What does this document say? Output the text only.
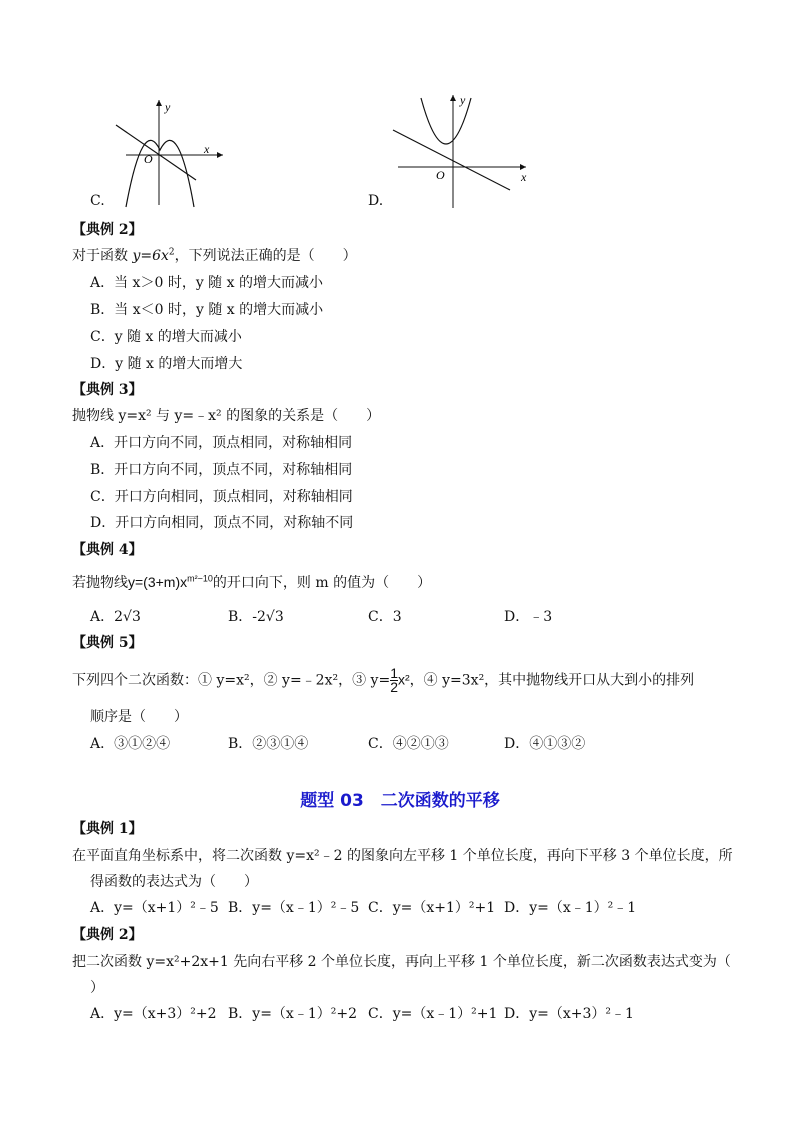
x
y
O
C.
x
y
O
D.
【典例 2】
对于函数 $y=6x^2$，下列说法正确的是（　　）
A．当 x＞0 时，y 随 x 的增大而减小
B．当 x＜0 时，y 随 x 的增大而减小
C．y 随 x 的增大而减小
D．y 随 x 的增大而增大
【典例 3】
抛物线 y=x² 与 y=﹣x² 的图象的关系是（　　）
A．开口方向不同，顶点相同，对称轴相同
B．开口方向不同，顶点不同，对称轴相同
C．开口方向相同，顶点相同，对称轴相同
D．开口方向相同，顶点不同，对称轴不同
【典例 4】
若抛物线$y=(3+m)x^{m^2-10}$的开口向下，则 m 的值为（　　）
A．2√3	B．-2√3	C．3	D．﹣3
【典例 5】
下列四个二次函数：① y=x²，② y=﹣2x²，③ $y= \frac{1}{2} x^2$，④ y=3x²，其中抛物线开口从大到小的排列
顺序是（　　）
A．③①②④	B．②③①④	C．④②①③	D．④①③②
题型 03　二次函数的平移
【典例 1】
在平面直角坐标系中，将二次函数 y=x²﹣2 的图象向左平移 1 个单位长度，再向下平移 3 个单位长度，所
得函数的表达式为（　　）
A．y=（x+1）²﹣5 B．y=（x﹣1）²﹣5 C．y=（x+1）²+1 D．y=（x﹣1）²﹣1
【典例 2】
把二次函数 y=x²+2x+1 先向右平移 2 个单位长度，再向上平移 1 个单位长度，新二次函数表达式变为（
）
A．y=（x+3）²+2 B．y=（x﹣1）²+2 C．y=（x﹣1）²+1 D．y=（x+3）²﹣1
